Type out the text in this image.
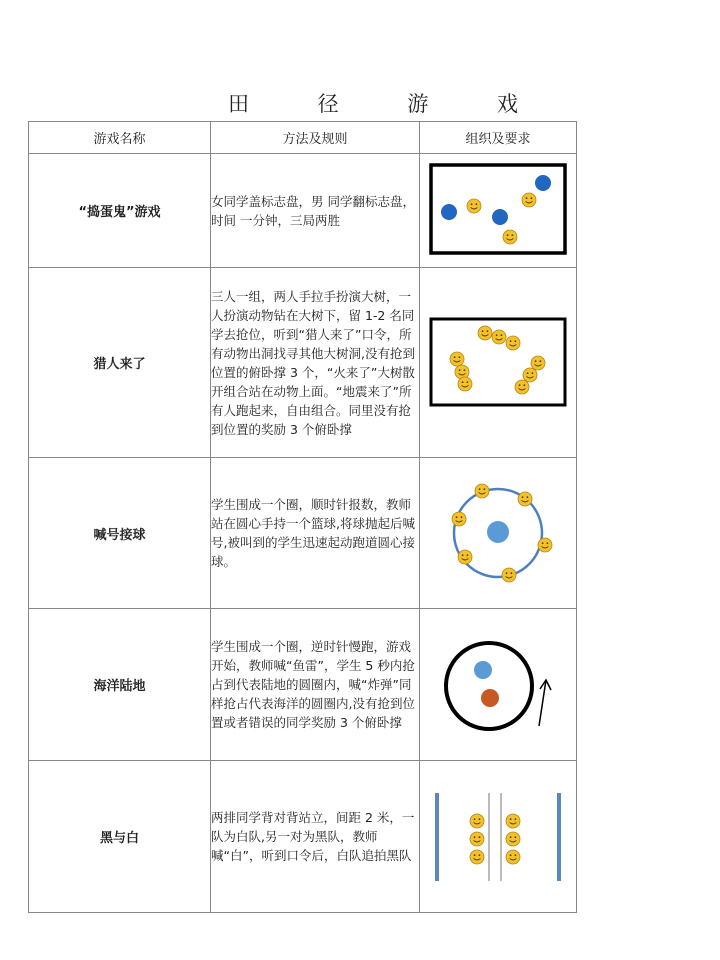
田	径	游	戏
游戏名称	方法及规则	组织及要求
“捣蛋鬼”游戏	女同学盖标志盘，男 同学翻标志盘，时间 一分钟，三局两胜	

猎人来了	三人一组，两人手拉手扮演大树，一人扮演动物钻在大树下，留 1-2 名同学去抢位，听到“猎人来了”口令，所有动物出洞找寻其他大树洞,没有抢到位置的俯卧撑 3 个，“火来了”大树散开组合站在动物上面。“地震来了”所有人跑起来，自由组合。同里没有抢到位置的奖励 3 个俯卧撑	

喊号接球	学生围成一个圈，顺时针报数，教师站在圆心手持一个篮球,将球抛起后喊号,被叫到的学生迅速起动跑道圆心接球。	

海洋陆地	学生围成一个圈，逆时针慢跑，游戏开始，教师喊“鱼雷”，学生 5 秒内抢占到代表陆地的圆圈内，喊“炸弹”同样抢占代表海洋的圆圈内,没有抢到位置或者错误的同学奖励 3 个俯卧撑	

黑与白	两排同学背对背站立，间距 2 米，一队为白队,另一对为黑队，教师喊“白”，听到口令后，白队追拍黑队	
